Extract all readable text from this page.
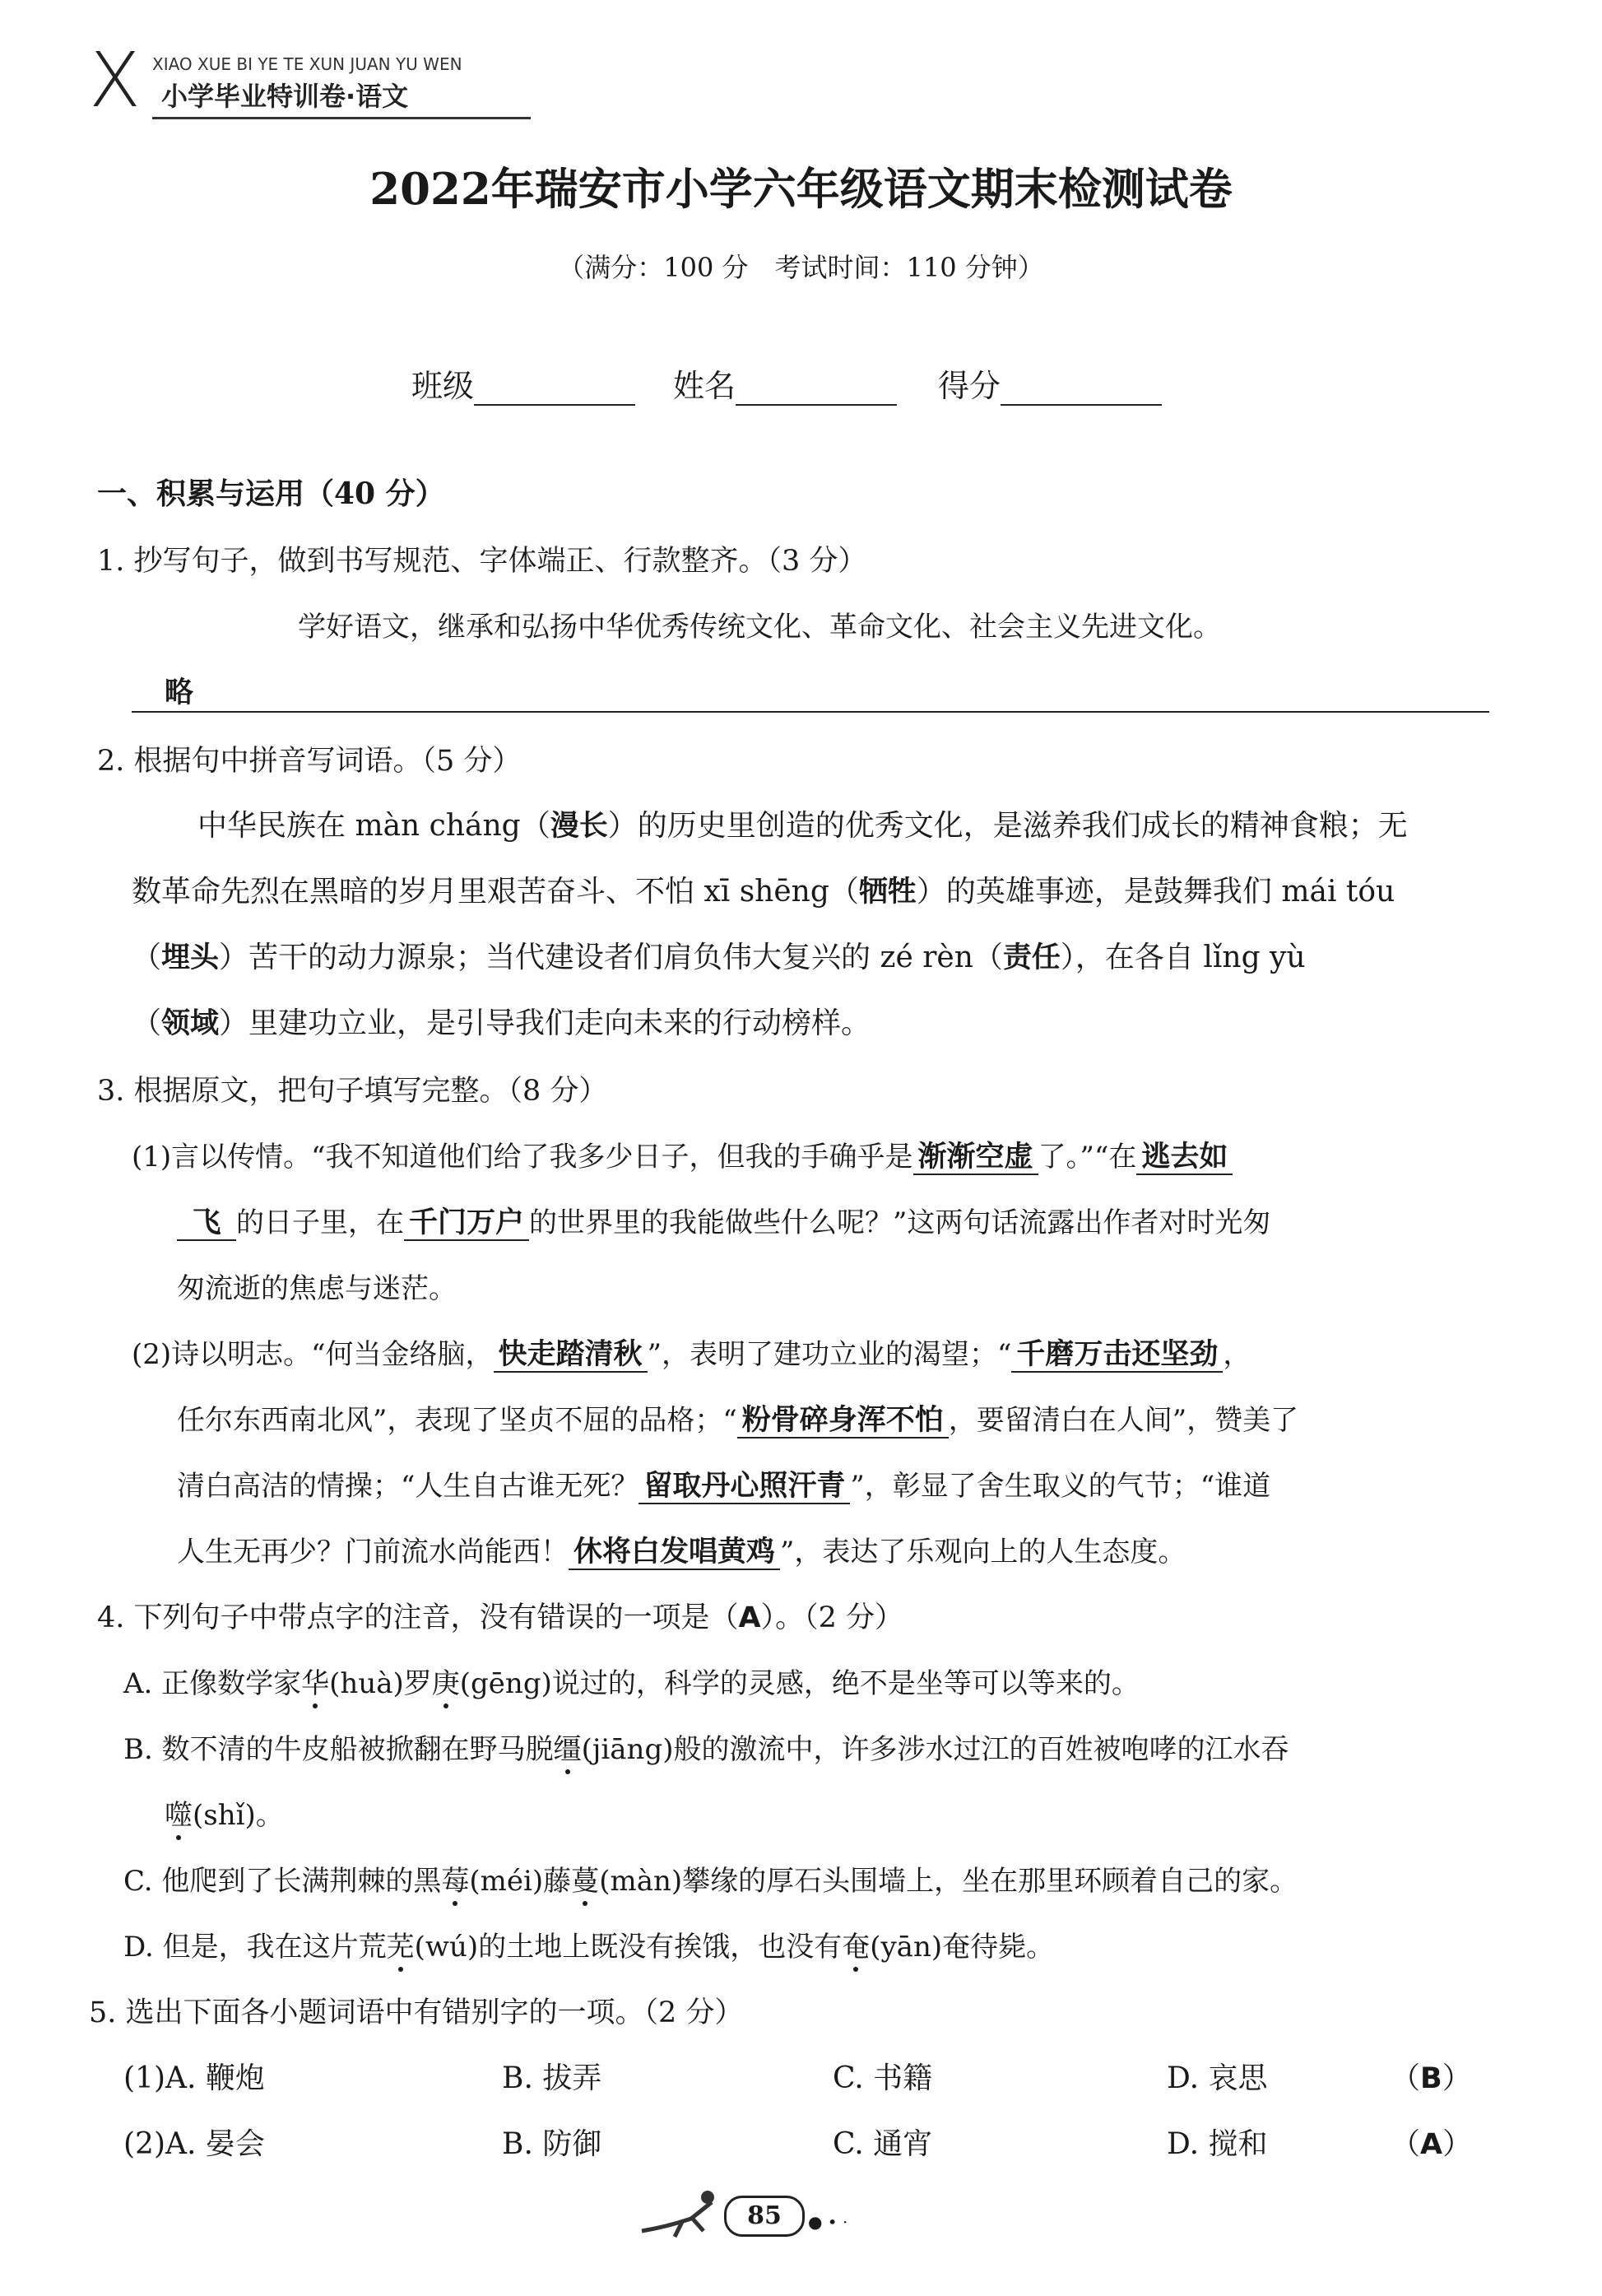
X XIAO XUE BI YE TE XUN JUAN YU WEN
小学毕业特训卷·语文
2022年瑞安市小学六年级语文期末检测试卷
（满分：100 分　考试时间：110 分钟）
班级	姓名	得分
一、积累与运用（40 分）
1. 抄写句子，做到书写规范、字体端正、行款整齐。（3 分）
学好语文，继承和弘扬中华优秀传统文化、革命文化、社会主义先进文化。
略
2. 根据句中拼音写词语。（5 分）
中华民族在 màn cháng（漫长）的历史里创造的优秀文化，是滋养我们成长的精神食粮；无
数革命先烈在黑暗的岁月里艰苦奋斗、不怕 xī shēng（牺牲）的英雄事迹，是鼓舞我们 mái tóu
（埋头）苦干的动力源泉；当代建设者们肩负伟大复兴的 zé rèn（责任），在各自 lǐng yù
（领域）里建功立业，是引导我们走向未来的行动榜样。
3. 根据原文，把句子填写完整。（8 分）
(1)言以传情。“我不知道他们给了我多少日子，但我的手确乎是 渐渐空虚 了。”“在 逃去如
飞 的日子里，在 千门万户 的世界里的我能做些什么呢？”这两句话流露出作者对时光匆
匆流逝的焦虑与迷茫。
(2)诗以明志。“何当金络脑， 快走踏清秋 ”，表明了建功立业的渴望；“ 千磨万击还坚劲 ，
任尔东西南北风”，表现了坚贞不屈的品格；“ 粉骨碎身浑不怕 ，要留清白在人间”，赞美了
清白高洁的情操；“人生自古谁无死？ 留取丹心照汗青 ”，彰显了舍生取义的气节；“谁道
人生无再少？门前流水尚能西！ 休将白发唱黄鸡 ”，表达了乐观向上的人生态度。
4. 下列句子中带点字的注音，没有错误的一项是（A）。（2 分）
A. 正像数学家华(huà)罗庚(gēng)说过的，科学的灵感，绝不是坐等可以等来的。
B. 数不清的牛皮船被掀翻在野马脱缰(jiāng)般的激流中，许多涉水过江的百姓被咆哮的江水吞
噬(shǐ)。
C. 他爬到了长满荆棘的黑莓(méi)藤蔓(màn)攀缘的厚石头围墙上，坐在那里环顾着自己的家。
D. 但是，我在这片荒芜(wú)的土地上既没有挨饿，也没有奄(yān)奄待毙。
5. 选出下面各小题词语中有错别字的一项。（2 分）
(1)A. 鞭炮	B. 拔弄	C. 书籍	D. 哀思	（B）
(2)A. 晏会	B. 防御	C. 通宵	D. 搅和	（A）
85	● • ·
